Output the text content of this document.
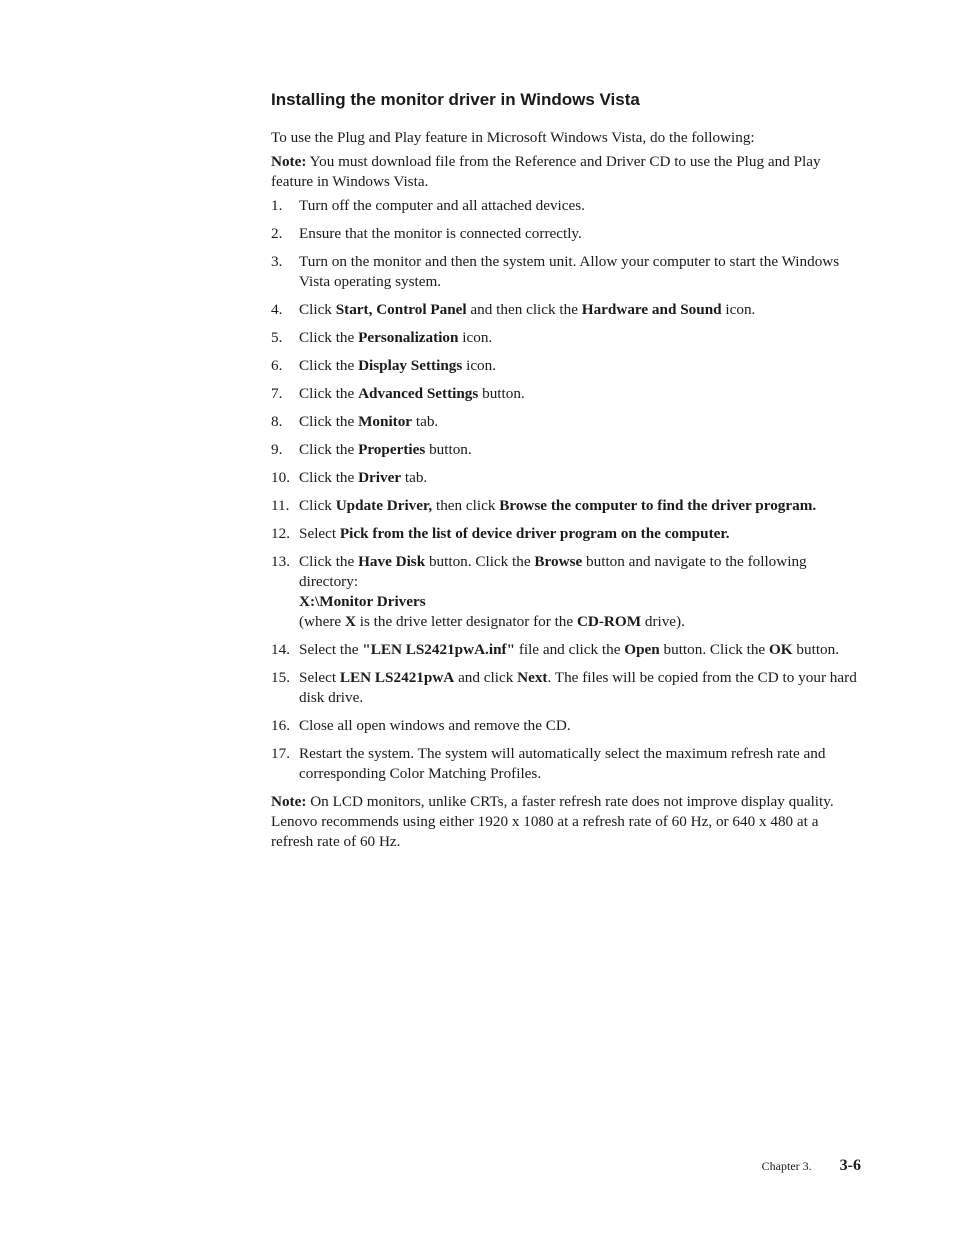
Installing the monitor driver in Windows Vista
To use the Plug and Play feature in Microsoft Windows Vista, do the following:
Note: You must download file from the Reference and Driver CD to use the Plug and Play feature in Windows Vista.
1.	Turn off the computer and all attached devices.
2.	Ensure that the monitor is connected correctly.
3.	Turn on the monitor and then the system unit. Allow your computer to start the Windows Vista operating system.
4.	Click Start, Control Panel and then click the Hardware and Sound icon.
5.	Click the Personalization icon.
6.	Click the Display Settings icon.
7.	Click the Advanced Settings button.
8.	Click the Monitor tab.
9.	Click the Properties button.
10. Click the Driver tab.
11. Click Update Driver, then click Browse the computer to find the driver program.
12. Select Pick from the list of device driver program on the computer.
13. Click the Have Disk button. Click the Browse button and navigate to the following directory:
X:\Monitor Drivers
(where X is the drive letter designator for the CD-ROM drive).
14. Select the "LEN LS2421pwA.inf" file and click the Open button. Click the OK button.
15. Select LEN LS2421pwA and click Next. The files will be copied from the CD to your hard disk drive.
16. Close all open windows and remove the CD.
17. Restart the system. The system will automatically select the maximum refresh rate and corresponding Color Matching Profiles.
Note: On LCD monitors, unlike CRTs, a faster refresh rate does not improve display quality. Lenovo recommends using either 1920 x 1080 at a refresh rate of 60 Hz, or 640 x 480 at a refresh rate of 60 Hz.
Chapter 3. 3-6
